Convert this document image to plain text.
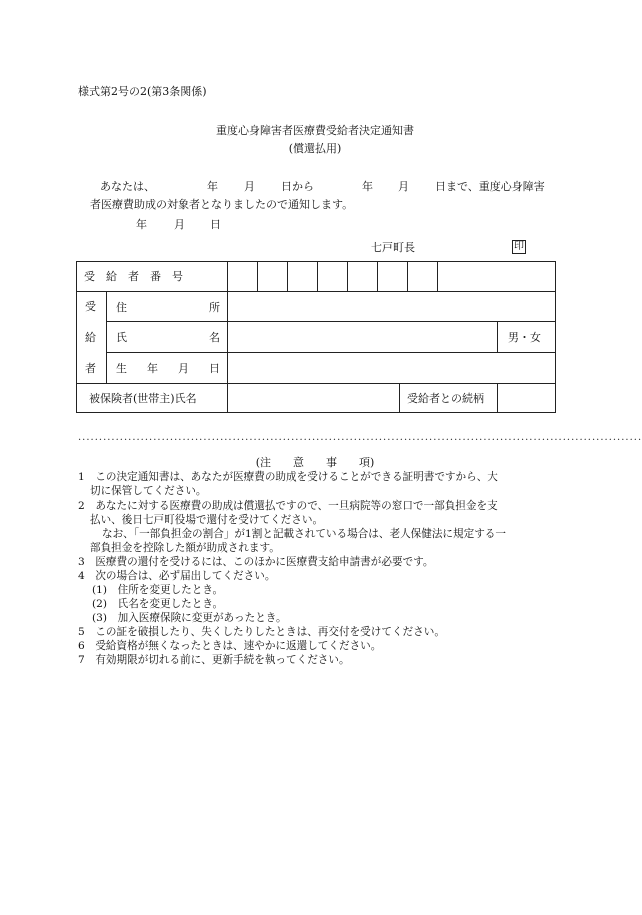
様式第2号の2(第3条関係)
重度心身障害者医療費受給者決定通知書
(償還払用)
あなたは、	年 月 日から	年 月 日まで、重度心身障害
者医療費助成の対象者となりましたので通知します。
年 月 日
七戸町長	印
受　給　者　番　号
受
給
者
住	所
氏	名	男・女
生 年 月 日
被保険者(世帯主)氏名	受給者との続柄
·······································································································································
(注　　意　　事　　項)
1　この決定通知書は、あなたが医療費の助成を受けることができる証明書ですから、大
切に保管してください。
2　あなたに対する医療費の助成は償還払ですので、一旦病院等の窓口で一部負担金を支
払い、後日七戸町役場で還付を受けてください。
なお、「一部負担金の割合」が1割と記載されている場合は、老人保健法に規定する一
部負担金を控除した額が助成されます。
3　医療費の還付を受けるには、このほかに医療費支給申請書が必要です。
4　次の場合は、必ず届出してください。
(1)　住所を変更したとき。
(2)　氏名を変更したとき。
(3)　加入医療保険に変更があったとき。
5　この証を破損したり、失くしたりしたときは、再交付を受けてください。
6　受給資格が無くなったときは、速やかに返還してください。
7　有効期限が切れる前に、更新手続を執ってください。
